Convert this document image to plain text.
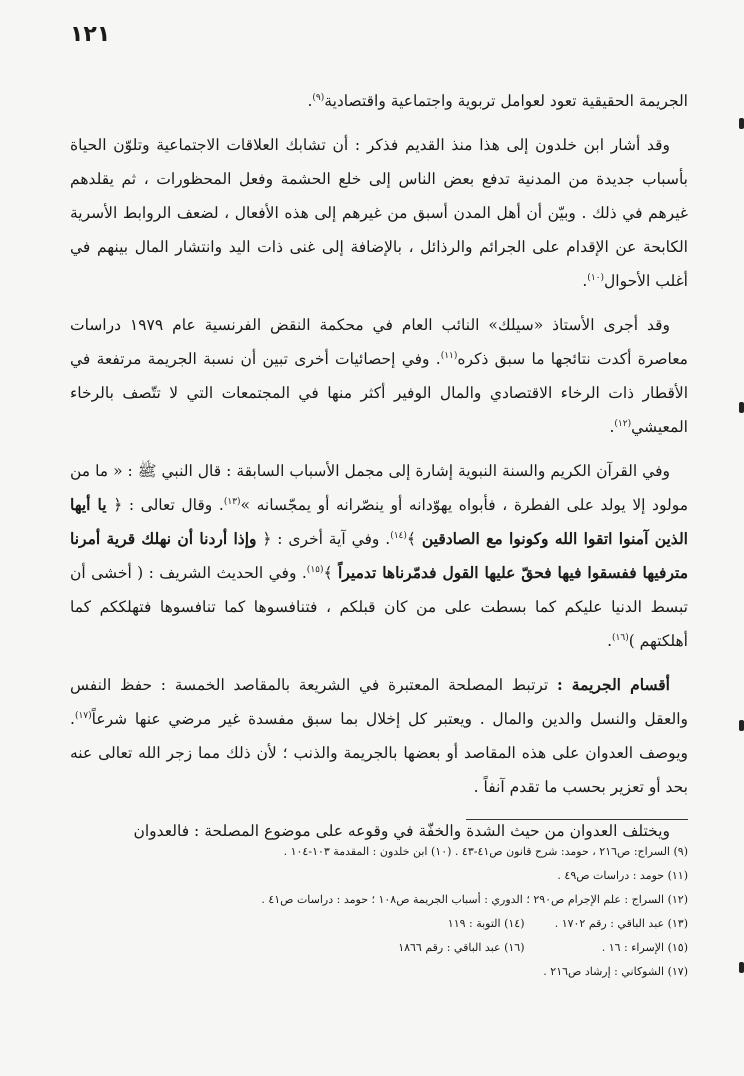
١٢١

الجريمة الحقيقية تعود لعوامل تربوية واجتماعية واقتصادية$^{(٩)}$.

وقد أشار ابن خلدون إلى هذا منذ القديم فذكر : أن تشابك العلاقات الاجتماعية وتلوّن الحياة بأسباب جديدة من المدنية تدفع بعض الناس إلى خلع الحشمة وفعل المحظورات ، ثم يقلدهم غيرهم في ذلك . وبيّن أن أهل المدن أسبق من غيرهم إلى هذه الأفعال ، لضعف الروابط الأسرية الكابحة عن الإقدام على الجرائم والرذائل ، بالإضافة إلى غنى ذات اليد وانتشار المال بينهم في أغلب الأحوال$^{(١٠)}$.

وقد أجرى الأستاذ «سيلك» النائب العام في محكمة النقض الفرنسية عام ١٩٧٩ دراسات معاصرة أكدت نتائجها ما سبق ذكره$^{(١١)}$. وفي إحصائيات أخرى تبين أن نسبة الجريمة مرتفعة في الأقطار ذات الرخاء الاقتصادي والمال الوفير أكثر منها في المجتمعات التي لا تتّصف بالرخاء المعيشي$^{(١٢)}$.

وفي القرآن الكريم والسنة النبوية إشارة إلى مجمل الأسباب السابقة : قال النبي ﷺ : « ما من مولود إلا يولد على الفطرة ، فأبواه يهوّدانه أو ينصّرانه أو يمجّسانه »$^{(١٣)}$. وقال تعالى : ﴿ يا أيها الذين آمنوا اتقوا الله وكونوا مع الصادقين ﴾$^{(١٤)}$. وفي آية أخرى : ﴿ وإذا أردنا أن نهلك قرية أمرنا مترفيها ففسقوا فيها فحقّ عليها القول فدمّرناها تدميراً ﴾$^{(١٥)}$. وفي الحديث الشريف : ( أخشى أن تبسط الدنيا عليكم كما بسطت على من كان قبلكم ، فتنافسوها كما تنافسوها فتهلككم كما أهلكتهم )$^{(١٦)}$.

أقسام الجريمة : ترتبط المصلحة المعتبرة في الشريعة بالمقاصد الخمسة : حفظ النفس والعقل والنسل والدين والمال . ويعتبر كل إخلال بما سبق مفسدة غير مرضي عنها شرعاً$^{(١٧)}$. ويوصف العدوان على هذه المقاصد أو بعضها بالجريمة والذنب ؛ لأن ذلك مما زجر الله تعالى عنه بحد أو تعزير بحسب ما تقدم آنفاً .

ويختلف العدوان من حيث الشدة والخفّة في وقوعه على موضوع المصلحة : فالعدوان

(٩) السراج: ص٢١٦ ، حومد: شرح قانون ص٤١-٤٣ . (١٠) ابن خلدون : المقدمة ١٠٣-١٠٤ .

(١١) حومد : دراسات ص٤٩ .

(١٢) السراج : علم الإجرام ص٢٩٠ ؛ الدوري : أسباب الجريمة ص١٠٨ ؛ حومد : دراسات ص٤١ .

(١٣) عبد الباقي : رقم ١٧٠٢ . (١٤) التوبة : ١١٩

(١٥) الإسراء : ١٦ . (١٦) عبد الباقي : رقم ١٨٦٦

(١٧) الشوكاني : إرشاد ص٢١٦ .
